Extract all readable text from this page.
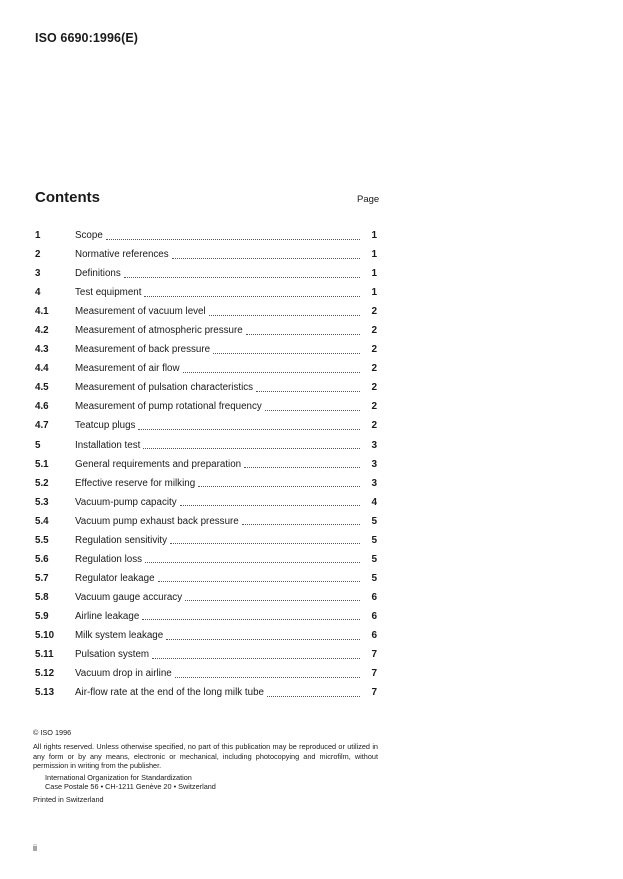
ISO 6690:1996(E)
Contents	Page
1	Scope	1
2	Normative references	1
3	Definitions	1
4	Test equipment	1
4.1	Measurement of vacuum level	2
4.2	Measurement of atmospheric pressure	2
4.3	Measurement of back pressure	2
4.4	Measurement of air flow	2
4.5	Measurement of pulsation characteristics	2
4.6	Measurement of pump rotational frequency	2
4.7	Teatcup plugs	2
5	Installation test	3
5.1	General requirements and preparation	3
5.2	Effective reserve for milking	3
5.3	Vacuum-pump capacity	4
5.4	Vacuum pump exhaust back pressure	5
5.5	Regulation sensitivity	5
5.6	Regulation loss	5
5.7	Regulator leakage	5
5.8	Vacuum gauge accuracy	6
5.9	Airline leakage	6
5.10	Milk system leakage	6
5.11	Pulsation system	7
5.12	Vacuum drop in airline	7
5.13	Air-flow rate at the end of the long milk tube	7
© ISO 1996
All rights reserved. Unless otherwise specified, no part of this publication may be reproduced or utilized in any form or by any means, electronic or mechanical, including photocopying and microfilm, without permission in writing from the publisher.
International Organization for Standardization
Case Postale 56 • CH-1211 Genève 20 • Switzerland
Printed in Switzerland
ii
